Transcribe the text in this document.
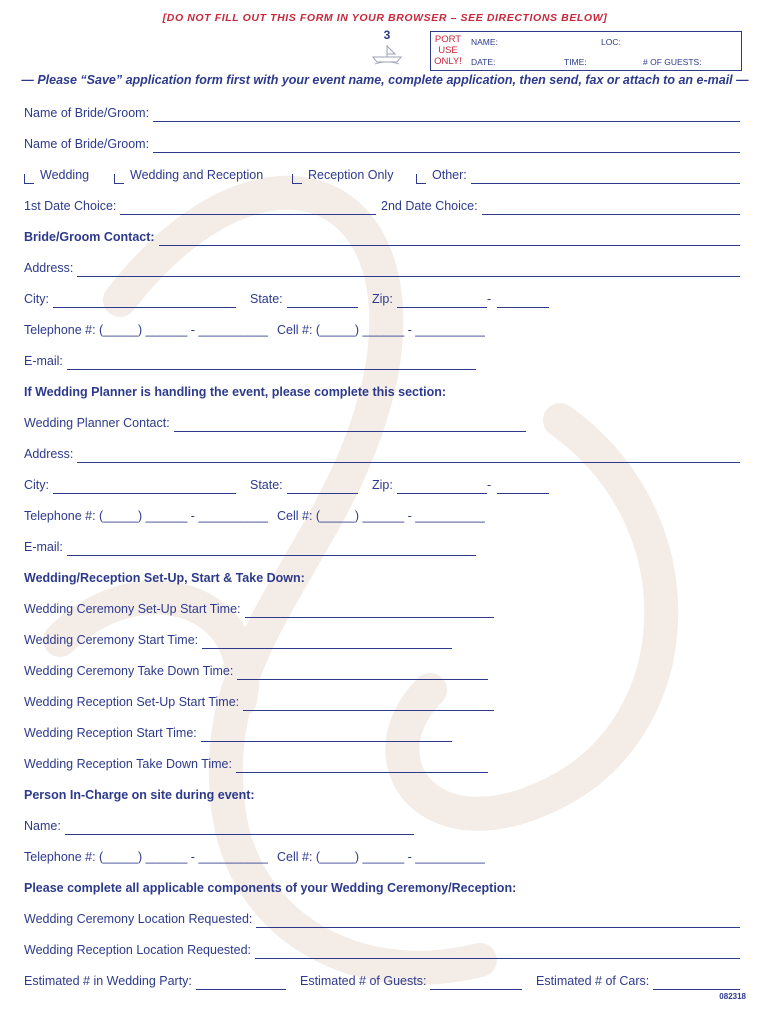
[DO NOT FILL OUT THIS FORM IN YOUR BROWSER – SEE DIRECTIONS BELOW]
3	PORT
USE
ONLY!
NAME:	LOC:
DATE:	TIME:	# OF GUESTS:
— Please “Save” application form first with your event name, complete application, then send, fax or attach to an e-mail —
Name of Bride/Groom:
Name of Bride/Groom:
Wedding	Wedding and Reception	Reception Only	Other:
1st Date Choice:	2nd Date Choice:
Bride/Groom Contact:
Address:
City:	State:	Zip:	-
Telephone #: (_____) ______ - __________ Cell #: (_____) ______ - __________
E-mail:
If Wedding Planner is handling the event, please complete this section:
Wedding Planner Contact:
Address:
City:	State:	Zip:	-
Telephone #: (_____) ______ - __________ Cell #: (_____) ______ - __________
E-mail:
Wedding/Reception Set-Up, Start & Take Down:
Wedding Ceremony Set-Up Start Time:
Wedding Ceremony Start Time:
Wedding Ceremony Take Down Time:
Wedding Reception Set-Up Start Time:
Wedding Reception Start Time:
Wedding Reception Take Down Time:
Person In-Charge on site during event:
Name:
Telephone #: (_____) ______ - __________ Cell #: (_____) ______ - __________
Please complete all applicable components of your Wedding Ceremony/Reception:
Wedding Ceremony Location Requested:
Wedding Reception Location Requested:
Estimated # in Wedding Party:	Estimated # of Guests:	Estimated # of Cars:
082318
